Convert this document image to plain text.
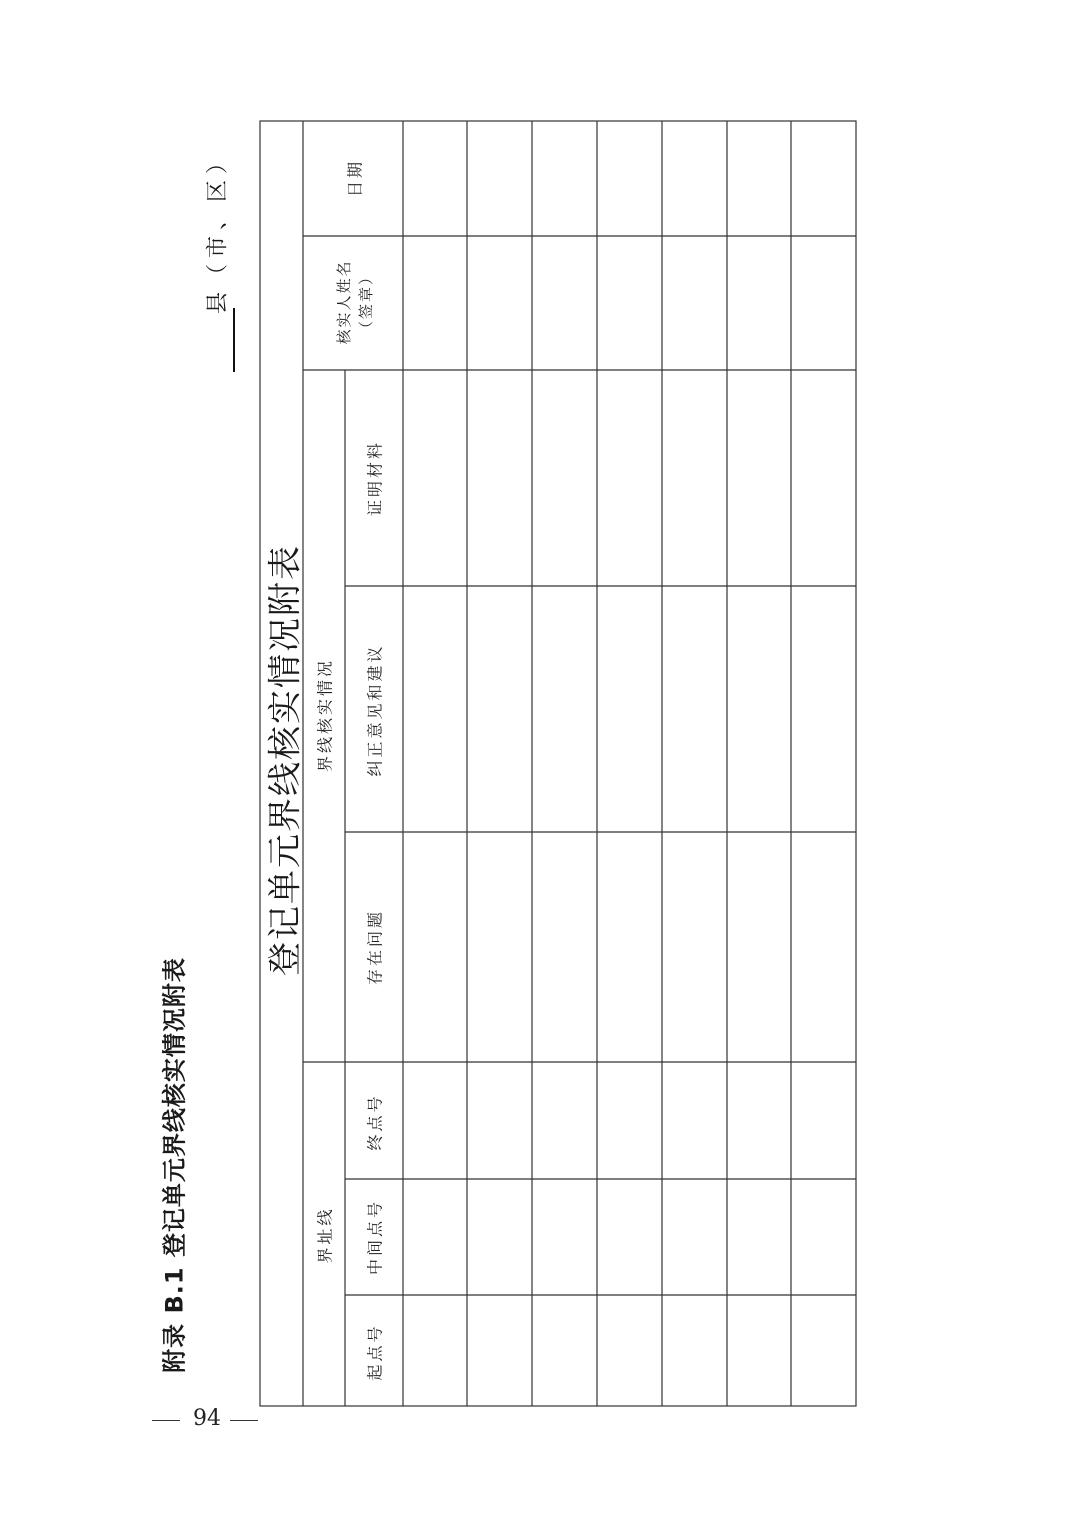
附录 B.1 登记单元界线核实情况附表
登记单元界线核实情况附表
县（市、区）
界址线
起点号
中间点号
终点号
界线核实情况
存在问题
纠正意见和建议
证明材料
核实人姓名 （签章）
日期
94
